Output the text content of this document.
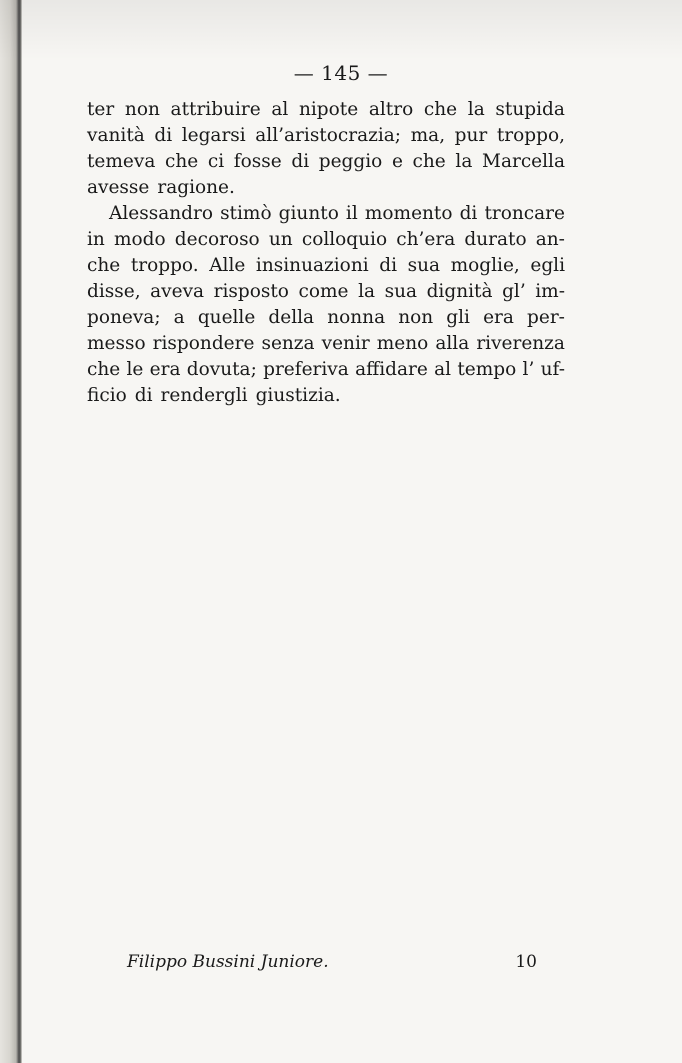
— 145 —
ter non attribuire al nipote altro che la stupida
vanità di legarsi all’aristocrazia; ma, pur troppo,
temeva che ci fosse di peggio e che la Marcella
avesse ragione.
Alessandro stimò giunto il momento di troncare
in modo decoroso un colloquio ch’era durato an-
che troppo. Alle insinuazioni di sua moglie, egli
disse, aveva risposto come la sua dignità gl’ im-
poneva; a quelle della nonna non gli era per-
messo rispondere senza venir meno alla riverenza
che le era dovuta; preferiva affidare al tempo l’ uf-
ficio di rendergli giustizia.
Filippo Bussini Juniore.	10
